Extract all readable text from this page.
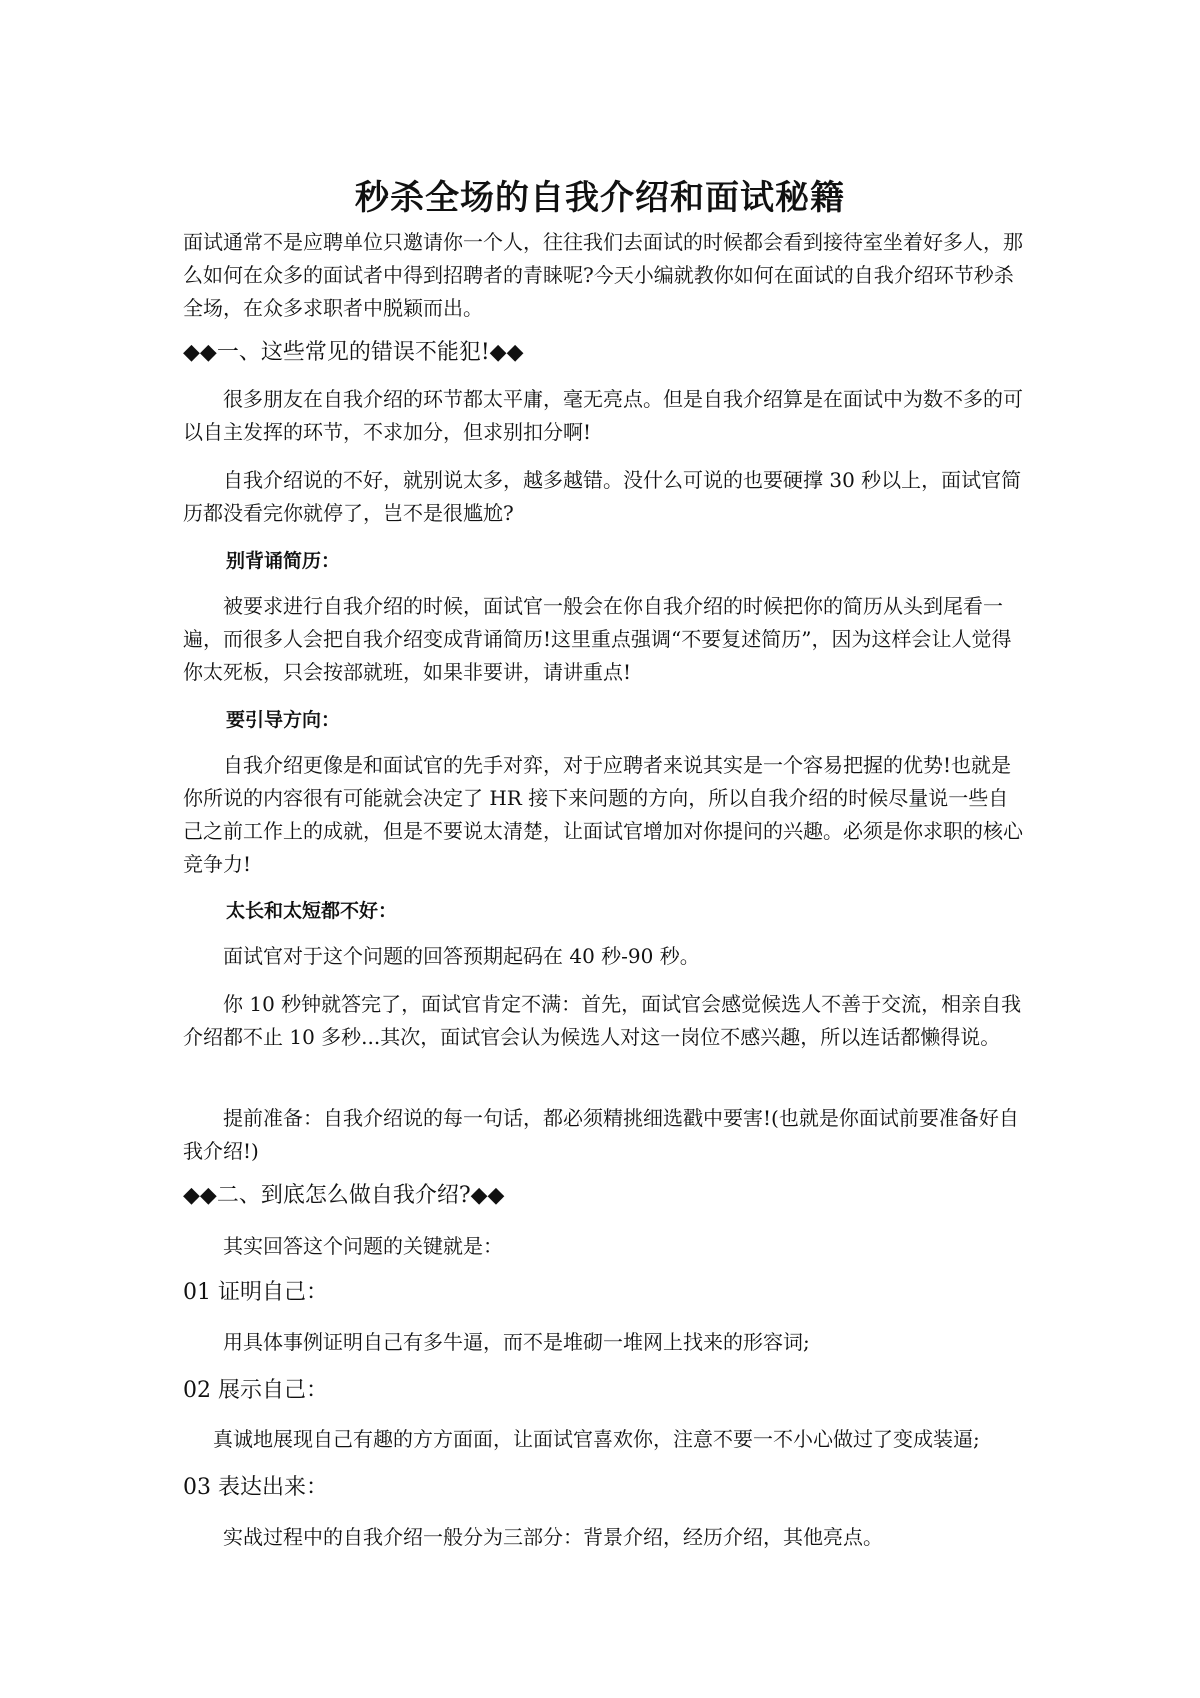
秒杀全场的自我介绍和面试秘籍

面试通常不是应聘单位只邀请你一个人，往往我们去面试的时候都会看到接待室坐着好多人，那么如何在众多的面试者中得到招聘者的青睐呢?今天小编就教你如何在面试的自我介绍环节秒杀全场，在众多求职者中脱颖而出。

◆◆一、这些常见的错误不能犯!◆◆

很多朋友在自我介绍的环节都太平庸，毫无亮点。但是自我介绍算是在面试中为数不多的可以自主发挥的环节，不求加分，但求别扣分啊!

自我介绍说的不好，就别说太多，越多越错。没什么可说的也要硬撑 30 秒以上，面试官简历都没看完你就停了，岂不是很尴尬?

别背诵简历：

被要求进行自我介绍的时候，面试官一般会在你自我介绍的时候把你的简历从头到尾看一遍，而很多人会把自我介绍变成背诵简历!这里重点强调“不要复述简历”，因为这样会让人觉得你太死板，只会按部就班，如果非要讲，请讲重点!

要引导方向：

自我介绍更像是和面试官的先手对弈，对于应聘者来说其实是一个容易把握的优势!也就是你所说的内容很有可能就会决定了 HR 接下来问题的方向，所以自我介绍的时候尽量说一些自己之前工作上的成就，但是不要说太清楚，让面试官增加对你提问的兴趣。必须是你求职的核心竞争力!

太长和太短都不好：

面试官对于这个问题的回答预期起码在 40 秒-90 秒。

你 10 秒钟就答完了，面试官肯定不满：首先，面试官会感觉候选人不善于交流，相亲自我介绍都不止 10 多秒...其次，面试官会认为候选人对这一岗位不感兴趣，所以连话都懒得说。

提前准备：自我介绍说的每一句话，都必须精挑细选戳中要害!(也就是你面试前要准备好自我介绍!)

◆◆二、到底怎么做自我介绍?◆◆

其实回答这个问题的关键就是：

01 证明自己：

用具体事例证明自己有多牛逼，而不是堆砌一堆网上找来的形容词;

02 展示自己：

真诚地展现自己有趣的方方面面，让面试官喜欢你，注意不要一不小心做过了变成装逼;

03 表达出来：

实战过程中的自我介绍一般分为三部分：背景介绍，经历介绍，其他亮点。
